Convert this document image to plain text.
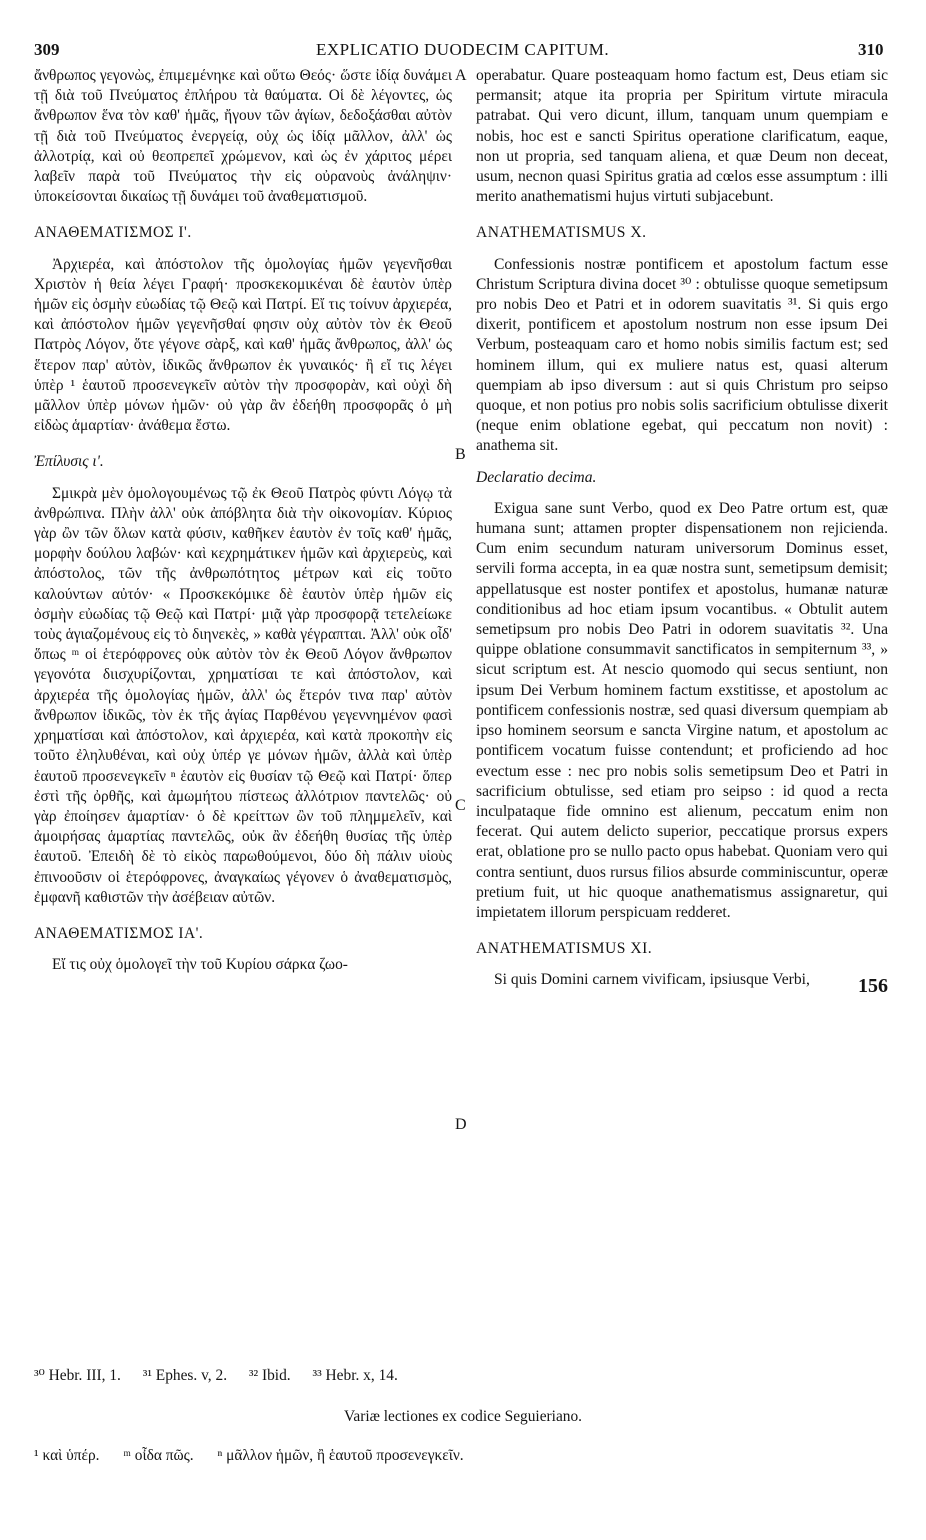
309	EXPLICATIO DUODECIM CAPITUM.	310

ἄνθρωπος γεγονὼς, ἐπιμεμένηκε καὶ οὕτω Θεός· ὥστε ἰδίᾳ δυνάμει τῇ διὰ τοῦ Πνεύματος ἐπλήρου τὰ θαύματα. Οἱ δὲ λέγοντες, ὡς ἄνθρωπον ἕνα τὸν καθ' ἡμᾶς, ἤγουν τῶν ἁγίων, δεδοξάσθαι αὐτὸν τῇ διὰ τοῦ Πνεύματος ἐνεργείᾳ, οὐχ ὡς ἰδίᾳ μᾶλλον, ἀλλ' ὡς ἀλλοτρίᾳ, καὶ οὐ θεοπρεπεῖ χρώμενον, καὶ ὡς ἐν χάριτος μέρει λαβεῖν παρὰ τοῦ Πνεύματος τὴν εἰς οὐρανοὺς ἀνάληψιν· ὑποκείσονται δικαίως τῇ δυνάμει τοῦ ἀναθεματισμοῦ.

ΑΝΑΘΕΜΑΤΙΣΜΟΣ Ι'.

Ἀρχιερέα, καὶ ἀπόστολον τῆς ὁμολογίας ἡμῶν γεγενῆσθαι Χριστὸν ἡ θεία λέγει Γραφή· προσκεκομικέναι δὲ ἑαυτὸν ὑπὲρ ἡμῶν εἰς ὀσμὴν εὐωδίας τῷ Θεῷ καὶ Πατρί. Εἴ τις τοίνυν ἀρχιερέα, καὶ ἀπόστολον ἡμῶν γεγενῆσθαί φησιν οὐχ αὐτὸν τὸν ἐκ Θεοῦ Πατρὸς Λόγον, ὅτε γέγονε σὰρξ, καὶ καθ' ἡμᾶς ἄνθρωπος, ἀλλ' ὡς ἕτερον παρ' αὐτὸν, ἰδικῶς ἄνθρωπον ἐκ γυναικός· ἢ εἴ τις λέγει ὑπὲρ ¹ ἑαυτοῦ προσενεγκεῖν αὐτὸν τὴν προσφορὰν, καὶ οὐχὶ δὴ μᾶλλον ὑπὲρ μόνων ἡμῶν· οὐ γὰρ ἂν ἐδεήθη προσφορᾶς ὁ μὴ εἰδὼς ἁμαρτίαν· ἀνάθεμα ἔστω.

Ἐπίλυσις ι'.

Σμικρὰ μὲν ὁμολογουμένως τῷ ἐκ Θεοῦ Πατρὸς φύντι Λόγῳ τὰ ἀνθρώπινα. Πλὴν ἀλλ' οὐκ ἀπόβλητα διὰ τὴν οἰκονομίαν. Κύριος γὰρ ὢν τῶν ὅλων κατὰ φύσιν, καθῆκεν ἑαυτὸν ἐν τοῖς καθ' ἡμᾶς, μορφὴν δούλου λαβών· καὶ κεχρημάτικεν ἡμῶν καὶ ἀρχιερεὺς, καὶ ἀπόστολος, τῶν τῆς ἀνθρωπότητος μέτρων καὶ εἰς τοῦτο καλούντων αὐτόν· « Προσκεκόμικε δὲ ἑαυτὸν ὑπὲρ ἡμῶν εἰς ὀσμὴν εὐωδίας τῷ Θεῷ καὶ Πατρί· μιᾷ γὰρ προσφορᾷ τετελείωκε τοὺς ἁγιαζομένους εἰς τὸ διηνεκὲς, » καθὰ γέγραπται. Ἀλλ' οὐκ οἶδ' ὅπως ᵐ οἱ ἑτερόφρονες οὐκ αὐτὸν τὸν ἐκ Θεοῦ Λόγον ἄνθρωπον γεγονότα διισχυρίζονται, χρηματίσαι τε καὶ ἀπόστολον, καὶ ἀρχιερέα τῆς ὁμολογίας ἡμῶν, ἀλλ' ὡς ἕτερόν τινα παρ' αὐτὸν ἄνθρωπον ἰδικῶς, τὸν ἐκ τῆς ἁγίας Παρθένου γεγεννημένον φασὶ χρηματίσαι καὶ ἀπόστολον, καὶ ἀρχιερέα, καὶ κατὰ προκοπὴν εἰς τοῦτο ἐληλυθέναι, καὶ οὐχ ὑπέρ γε μόνων ἡμῶν, ἀλλὰ καὶ ὑπὲρ ἑαυτοῦ προσενεγκεῖν ⁿ ἑαυτὸν εἰς θυσίαν τῷ Θεῷ καὶ Πατρί· ὅπερ ἐστὶ τῆς ὀρθῆς, καὶ ἀμωμήτου πίστεως ἀλλότριον παντελῶς· οὐ γὰρ ἐποίησεν ἁμαρτίαν· ὁ δὲ κρείττων ὢν τοῦ πλημμελεῖν, καὶ ἀμοιρήσας ἁμαρτίας παντελῶς, οὐκ ἂν ἐδεήθη θυσίας τῆς ὑπὲρ ἑαυτοῦ. Ἐπειδὴ δὲ τὸ εἰκὸς παρωθούμενοι, δύο δὴ πάλιν υἱοὺς ἐπινοοῦσιν οἱ ἑτερόφρονες, ἀναγκαίως γέγονεν ὁ ἀναθεματισμὸς, ἐμφανῆ καθιστῶν τὴν ἀσέβειαν αὐτῶν.

ΑΝΑΘΕΜΑΤΙΣΜΟΣ ΙΑ'.

Εἴ τις οὐχ ὁμολογεῖ τὴν τοῦ Κυρίου σάρκα ζωο-

A
B
C
D

operabatur. Quare posteaquam homo factum est, Deus etiam sic permansit; atque ita propria per Spiritum virtute miracula patrabat. Qui vero dicunt, illum, tanquam unum quempiam e nobis, hoc est e sancti Spiritus operatione clarificatum, eaque, non ut propria, sed tanquam aliena, et quæ Deum non deceat, usum, necnon quasi Spiritus gratia ad cœlos esse assumptum : illi merito anathematismi hujus virtuti subjacebunt.

ANATHEMATISMUS X.

Confessionis nostræ pontificem et apostolum factum esse Christum Scriptura divina docet ³⁰ : obtulisse quoque semetipsum pro nobis Deo et Patri et in odorem suavitatis ³¹. Si quis ergo dixerit, pontificem et apostolum nostrum non esse ipsum Dei Verbum, posteaquam caro et homo nobis similis factum est; sed hominem illum, qui ex muliere natus est, quasi alterum quempiam ab ipso diversum : aut si quis Christum pro seipso quoque, et non potius pro nobis solis sacrificium obtulisse dixerit (neque enim oblatione egebat, qui peccatum non novit) : anathema sit.

Declaratio decima.

Exigua sane sunt Verbo, quod ex Deo Patre ortum est, quæ humana sunt; attamen propter dispensationem non rejicienda. Cum enim secundum naturam universorum Dominus esset, servili forma accepta, in ea quæ nostra sunt, semetipsum demisit; appellatusque est noster pontifex et apostolus, humanæ naturæ conditionibus ad hoc etiam ipsum vocantibus. « Obtulit autem semetipsum pro nobis Deo Patri in odorem suavitatis ³². Una quippe oblatione consummavit sanctificatos in sempiternum ³³, » sicut scriptum est. At nescio quomodo qui secus sentiunt, non ipsum Dei Verbum hominem factum exstitisse, et apostolum ac pontificem confessionis nostræ, sed quasi diversum quempiam ab ipso hominem seorsum e sancta Virgine natum, et apostolum ac pontificem vocatum fuisse contendunt; et proficiendo ad hoc evectum esse : nec pro nobis solis semetipsum Deo et Patri in sacrificium obtulisse, sed etiam pro seipso : id quod a recta inculpataque fide omnino est alienum, peccatum enim non fecerat. Qui autem delicto superior, peccatique prorsus expers erat, oblatione pro se nullo pacto opus habebat. Quoniam vero qui contra sentiunt, duos rursus filios absurde comminiscuntur, operæ pretium fuit, ut hic quoque anathematismus assignaretur, qui impietatem illorum perspicuam redderet.

ANATHEMATISMUS XI.

Si quis Domini carnem vivificam, ipsiusque Verbi,	156
³⁰ Hebr. III, 1. ³¹ Ephes. v, 2. ³² Ibid. ³³ Hebr. x, 14.
Variæ lectiones ex codice Seguieriano.
¹ καὶ ὑπέρ. ᵐ οἶδα πῶς. ⁿ μᾶλλον ἡμῶν, ἢ ἑαυτοῦ προσενεγκεῖν.
